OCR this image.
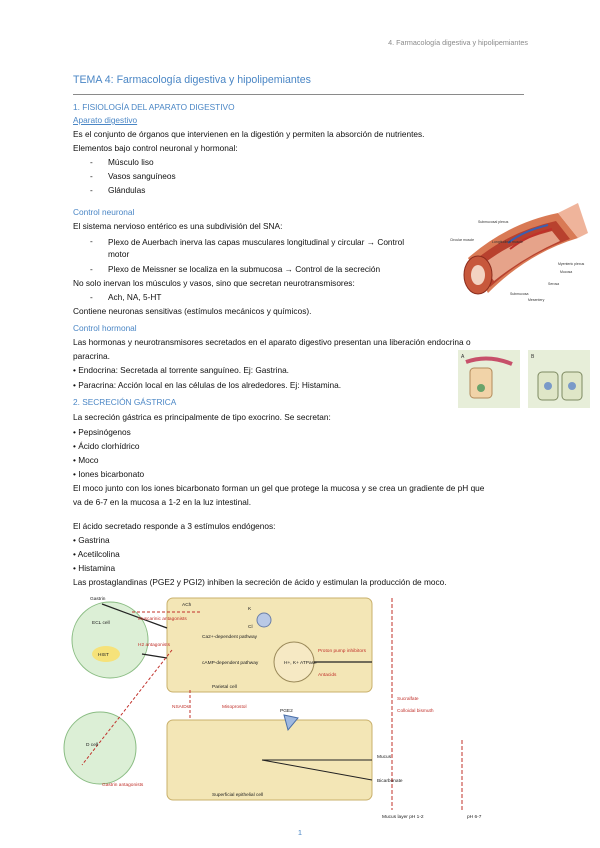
4. Farmacología digestiva y hipolipemiantes
TEMA 4: Farmacología digestiva y hipolipemiantes
1. FISIOLOGÍA DEL APARATO DIGESTIVO
Aparato digestivo
Es el conjunto de órganos que intervienen en la digestión y permiten la absorción de nutrientes.
Elementos bajo control neuronal y hormonal:
- Músculo liso
- Vasos sanguíneos
- Glándulas
Control neuronal
El sistema nervioso entérico es una subdivisión del SNA:
- Plexo de Auerbach inerva las capas musculares longitudinal y circular → Control
motor
- Plexo de Meissner se localiza en la submucosa → Control de la secreción
No solo inervan los músculos y vasos, sino que secretan neurotransmisores:
- Ach, NA, 5-HT
Contiene neuronas sensitivas (estímulos mecánicos y químicos).
Control hormonal
Las hormonas y neurotransmisores secretados en el aparato digestivo presentan una liberación endocrina o
paracrina.
• Endocrina: Secretada al torrente sanguíneo. Ej: Gastrina.
• Paracrina: Acción local en las células de los alrededores. Ej: Histamina.
2. SECRECIÓN GÁSTRICA
La secreción gástrica es principalmente de tipo exocrino. Se secretan:
• Pepsinógenos
• Ácido clorhídrico
• Moco
• Iones bicarbonato
El moco junto con los iones bicarbonato forman un gel que protege la mucosa y se crea un gradiente de pH que
va de 6-7 en la mucosa a 1-2 en la luz intestinal.
El ácido secretado responde a 3 estímulos endógenos:
• Gastrina
• Acetilcolina
• Histamina
Las prostaglandinas (PGE2 y PGI2) inhiben la secreción de ácido y estimulan la producción de moco.
Submucosal plexus
Longitudinal muscle
Circular muscle
Myenteric plexus
Mucosa
Serosa
Submucosa
Mesentery
A	B
Gastrin
ACh
ECL cell
HIST
Parietal cell
H+, K+ ATPase
Ca2+-dependent pathway
cAMP-dependent pathway
D cell
Superficial epithelial cell
Mucus
Bicarbonate
Mucus layer pH 1-2	pH 6-7
K
Cl
PGE2
Muscarinic antagonists
H2 antagonists
Proton pump inhibitors
Antacids
NSAIDs	Misoprostol
Sucralfate
Colloidal bismuth
Gastrin antagonists
1
